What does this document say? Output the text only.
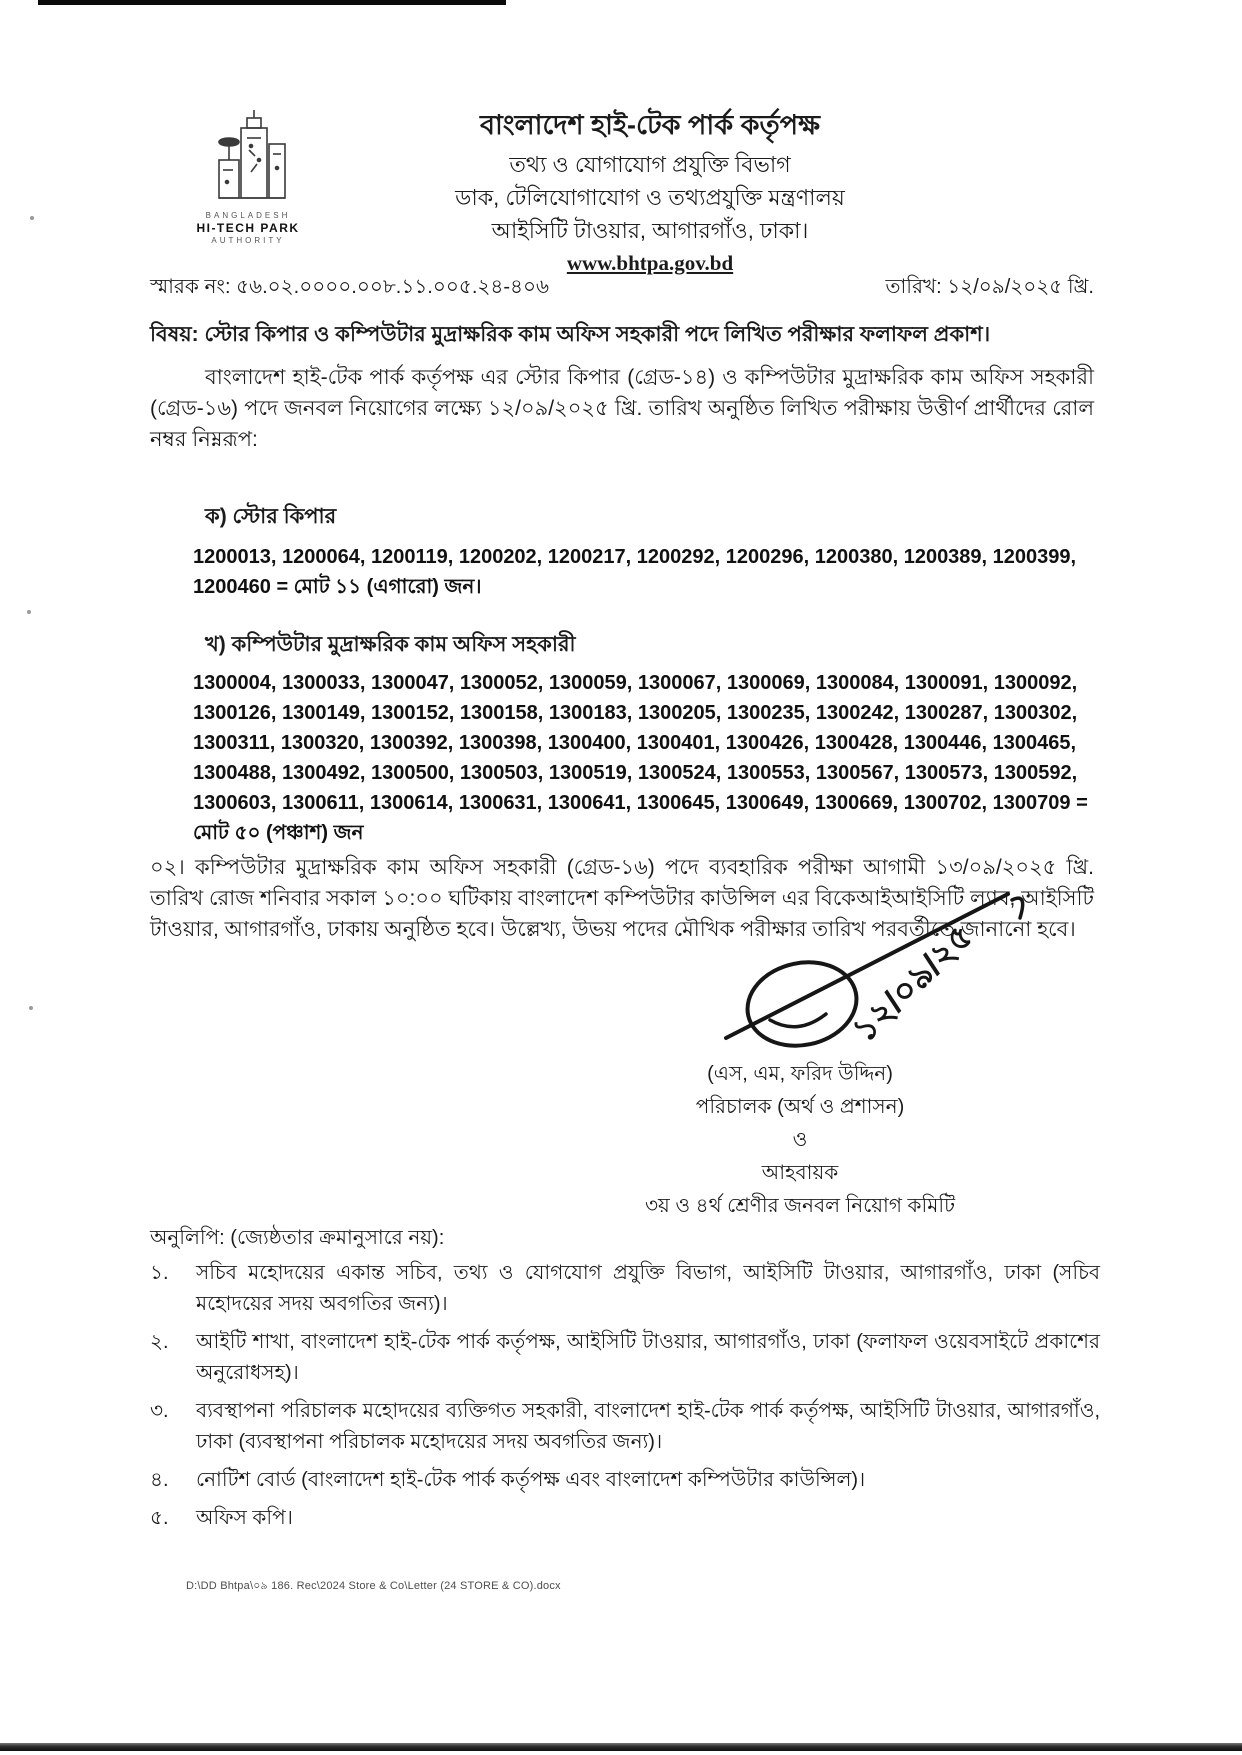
BANGLADESH
HI-TECH PARK
AUTHORITY
বাংলাদেশ হাই-টেক পার্ক কর্তৃপক্ষ
তথ্য ও যোগাযোগ প্রযুক্তি বিভাগ
ডাক, টেলিযোগাযোগ ও তথ্যপ্রযুক্তি মন্ত্রণালয়
আইসিটি টাওয়ার, আগারগাঁও, ঢাকা।
www.bhtpa.gov.bd
স্মারক নং: ৫৬.০২.০০০০.০০৮.১১.০০৫.২৪-৪০৬	তারিখ: ১২/০৯/২০২৫ খ্রি.
বিষয়: স্টোর কিপার ও কম্পিউটার মুদ্রাক্ষরিক কাম অফিস সহকারী পদে লিখিত পরীক্ষার ফলাফল প্রকাশ।
বাংলাদেশ হাই-টেক পার্ক কর্তৃপক্ষ এর স্টোর কিপার (গ্রেড-১৪) ও কম্পিউটার মুদ্রাক্ষরিক কাম অফিস সহকারী (গ্রেড-১৬) পদে জনবল নিয়োগের লক্ষ্যে ১২/০৯/২০২৫ খ্রি. তারিখ অনুষ্ঠিত লিখিত পরীক্ষায় উত্তীর্ণ প্রার্থীদের রোল নম্বর নিম্নরূপ:
ক) স্টোর কিপার
1200013, 1200064, 1200119, 1200202, 1200217, 1200292, 1200296, 1200380, 1200389, 1200399, 1200460 = মোট ১১ (এগারো) জন।
খ) কম্পিউটার মুদ্রাক্ষরিক কাম অফিস সহকারী
1300004, 1300033, 1300047, 1300052, 1300059, 1300067, 1300069, 1300084, 1300091, 1300092, 1300126, 1300149, 1300152, 1300158, 1300183, 1300205, 1300235, 1300242, 1300287, 1300302, 1300311, 1300320, 1300392, 1300398, 1300400, 1300401, 1300426, 1300428, 1300446, 1300465, 1300488, 1300492, 1300500, 1300503, 1300519, 1300524, 1300553, 1300567, 1300573, 1300592, 1300603, 1300611, 1300614, 1300631, 1300641, 1300645, 1300649, 1300669, 1300702, 1300709 = মোট ৫০ (পঞ্চাশ) জন
০২। কম্পিউটার মুদ্রাক্ষরিক কাম অফিস সহকারী (গ্রেড-১৬) পদে ব্যবহারিক পরীক্ষা আগামী ১৩/০৯/২০২৫ খ্রি. তারিখ রোজ শনিবার সকাল ১০:০০ ঘটিকায় বাংলাদেশ কম্পিউটার কাউন্সিল এর বিকেআইআইসিটি ল্যাব, আইসিটি টাওয়ার, আগারগাঁও, ঢাকায় অনুষ্ঠিত হবে। উল্লেখ্য, উভয় পদের মৌখিক পরীক্ষার তারিখ পরবর্তীতে জানানো হবে।
১২/০৯/২৫
(এস, এম, ফরিদ উদ্দিন)
পরিচালক (অর্থ ও প্রশাসন)
ও
আহবায়ক
৩য় ও ৪র্থ শ্রেণীর জনবল নিয়োগ কমিটি
অনুলিপি: (জ্যেষ্ঠতার ক্রমানুসারে নয়):
১.	সচিব মহোদয়ের একান্ত সচিব, তথ্য ও যোগযোগ প্রযুক্তি বিভাগ, আইসিটি টাওয়ার, আগারগাঁও, ঢাকা (সচিব মহোদয়ের সদয় অবগতির জন্য)।
২.	আইটি শাখা, বাংলাদেশ হাই-টেক পার্ক কর্তৃপক্ষ, আইসিটি টাওয়ার, আগারগাঁও, ঢাকা (ফলাফল ওয়েবসাইটে প্রকাশের অনুরোধসহ)।
৩.	ব্যবস্থাপনা পরিচালক মহোদয়ের ব্যক্তিগত সহকারী, বাংলাদেশ হাই-টেক পার্ক কর্তৃপক্ষ, আইসিটি টাওয়ার, আগারগাঁও, ঢাকা (ব্যবস্থাপনা পরিচালক মহোদয়ের সদয় অবগতির জন্য)।
৪.	নোটিশ বোর্ড (বাংলাদেশ হাই-টেক পার্ক কর্তৃপক্ষ এবং বাংলাদেশ কম্পিউটার কাউন্সিল)।
৫.	অফিস কপি।
D:\DD Bhtpa\০৯ 186. Rec\2024 Store & Co\Letter (24 STORE & CO).docx
